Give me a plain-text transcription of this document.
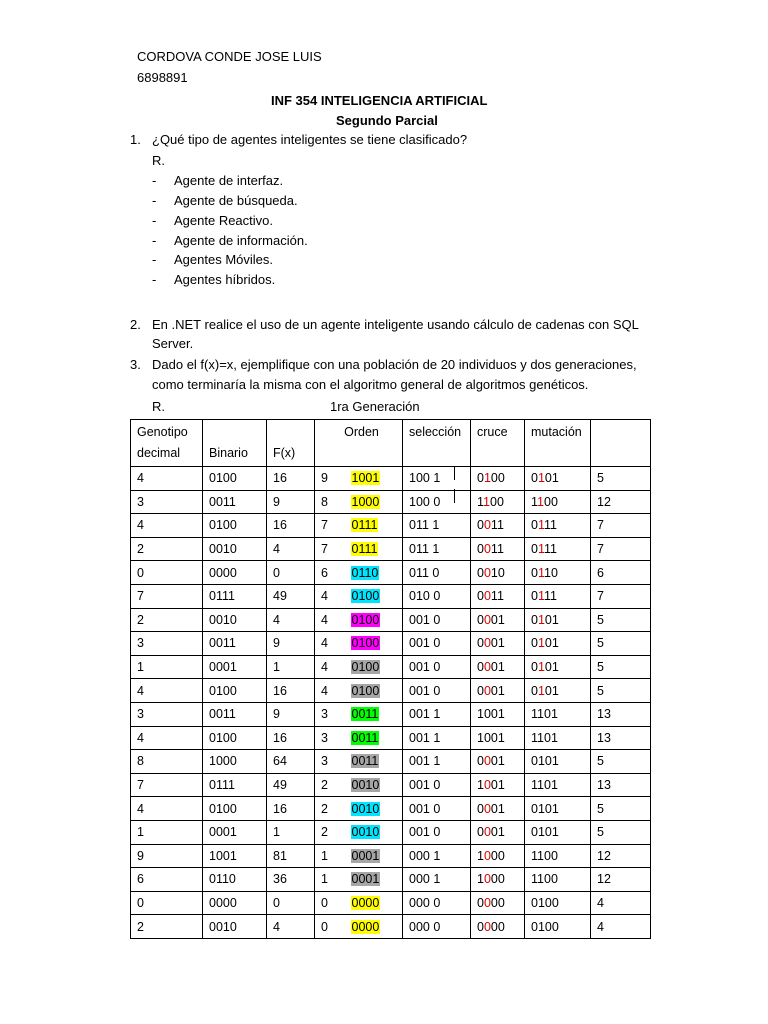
CORDOVA CONDE JOSE LUIS
6898891
INF 354 INTELIGENCIA ARTIFICIAL
Segundo Parcial
1. ¿Qué tipo de agentes inteligentes se tiene clasificado?
R.
- Agente de interfaz.
- Agente de búsqueda.
- Agente Reactivo.
- Agente de información.
- Agentes Móviles.
- Agentes híbridos.
2. En .NET realice el uso de un agente inteligente usando cálculo de cadenas con SQL
Server.
3. Dado el f(x)=x, ejemplifique con una población de 20 individuos y dos generaciones,
como terminaría la misma con el algoritmo general de algoritmos genéticos.
R.	1ra Generación
Genotipo
decimal	Binario	F(x)	Orden		selección	cruce	mutación	
4	0100	16	9	1001	100 1	0100	0101	5
3	0011	9	8	1000	100 0	1100	1100	12
4	0100	16	7	0111	011 1	0011	0111	7
2	0010	4	7	0111	011 1	0011	0111	7
0	0000	0	6	0110	011 0	0010	0110	6
7	0111	49	4	0100	010 0	0011	0111	7
2	0010	4	4	0100	001 0	0001	0101	5
3	0011	9	4	0100	001 0	0001	0101	5
1	0001	1	4	0100	001 0	0001	0101	5
4	0100	16	4	0100	001 0	0001	0101	5
3	0011	9	3	0011	001 1	1001	1101	13
4	0100	16	3	0011	001 1	1001	1101	13
8	1000	64	3	0011	001 1	0001	0101	5
7	0111	49	2	0010	001 0	1001	1101	13
4	0100	16	2	0010	001 0	0001	0101	5
1	0001	1	2	0010	001 0	0001	0101	5
9	1001	81	1	0001	000 1	1000	1100	12
6	0110	36	1	0001	000 1	1000	1100	12
0	0000	0	0	0000	000 0	0000	0100	4
2	0010	4	0	0000	000 0	0000	0100	4
